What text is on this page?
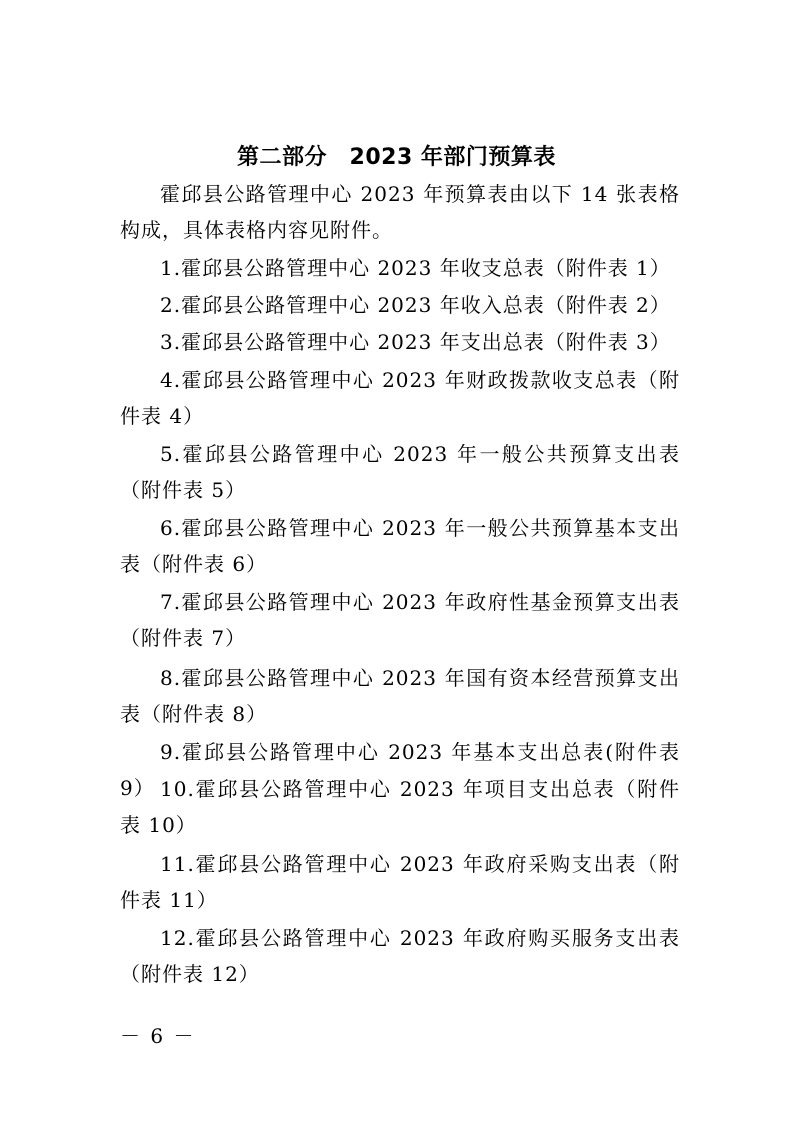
第二部分　2023 年部门预算表

霍邱县公路管理中心 2023 年预算表由以下 14 张表格构成，具体表格内容见附件。

1.霍邱县公路管理中心 2023 年收支总表（附件表 1）

2.霍邱县公路管理中心 2023 年收入总表（附件表 2）

3.霍邱县公路管理中心 2023 年支出总表（附件表 3）

4.霍邱县公路管理中心 2023 年财政拨款收支总表（附件表 4）

5.霍邱县公路管理中心 2023 年一般公共预算支出表（附件表 5）

6.霍邱县公路管理中心 2023 年一般公共预算基本支出表（附件表 6）

7.霍邱县公路管理中心 2023 年政府性基金预算支出表（附件表 7）

8.霍邱县公路管理中心 2023 年国有资本经营预算支出表（附件表 8）

9.霍邱县公路管理中心 2023 年基本支出总表(附件表 9） 10.霍邱县公路管理中心 2023 年项目支出总表（附件表 10）

11.霍邱县公路管理中心 2023 年政府采购支出表（附件表 11）

12.霍邱县公路管理中心 2023 年政府购买服务支出表（附件表 12）

－ 6 －
